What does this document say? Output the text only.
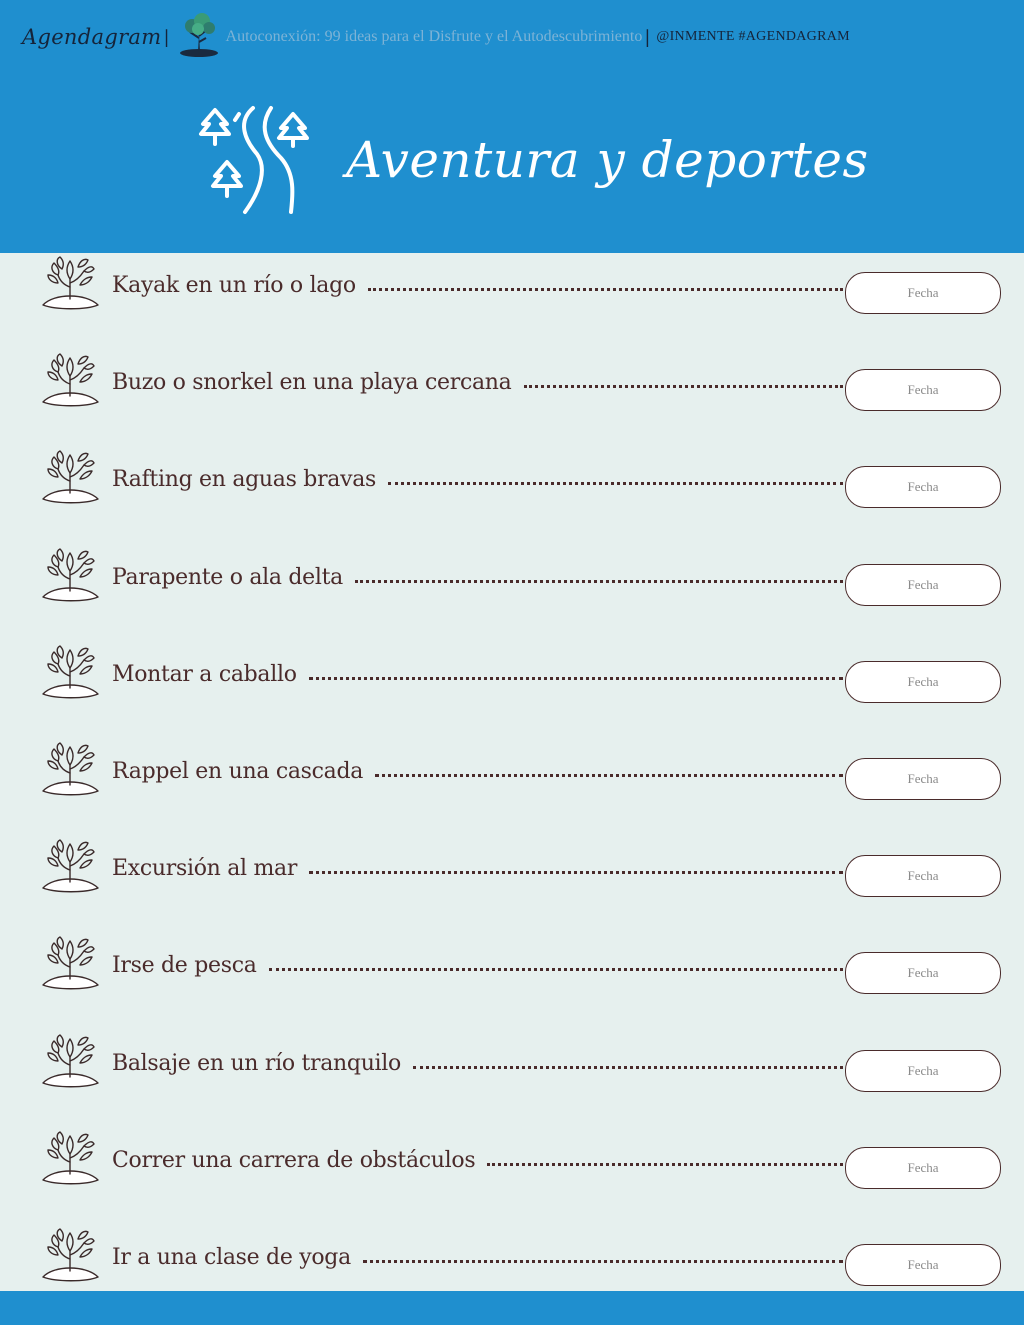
Agendagram |	Autoconexión: 99 ideas para el Disfrute y el Autodescubrimiento | @INMENTE #AGENDAGRAM
Aventura y deportes
Kayak en un río o lago	Fecha
Buzo o snorkel en una playa cercana	Fecha
Rafting en aguas bravas	Fecha
Parapente o ala delta	Fecha
Montar a caballo	Fecha
Rappel en una cascada	Fecha
Excursión al mar	Fecha
Irse de pesca	Fecha
Balsaje en un río tranquilo	Fecha
Correr una carrera de obstáculos	Fecha
Ir a una clase de yoga	Fecha
